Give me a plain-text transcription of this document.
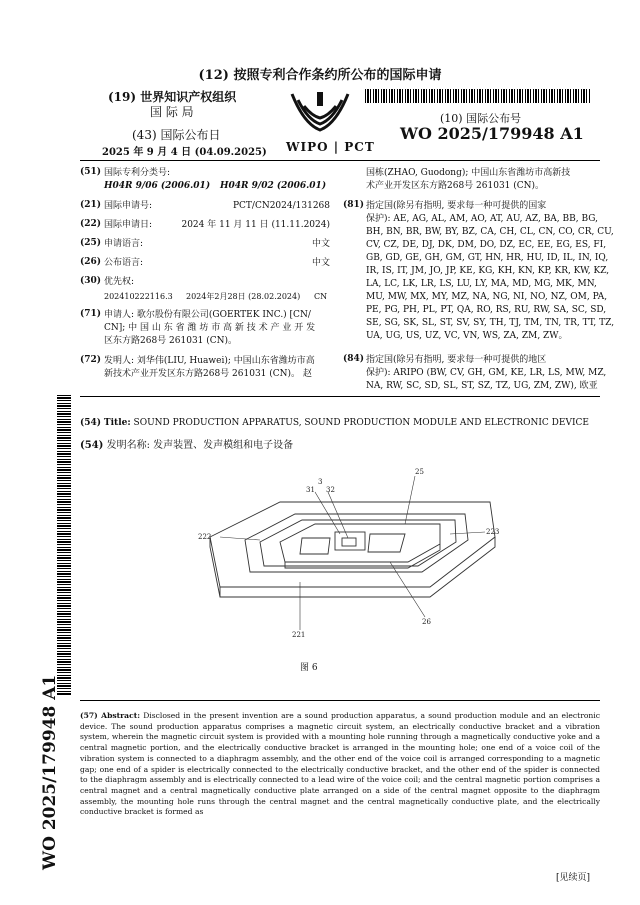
(12) 按照专利合作条约所公布的国际申请
(19) 世界知识产权组织
国 际 局
(43) 国际公布日
2025 年 9 月 4 日 (04.09.2025) WIPO | PCT
(10) 国际公布号
WO 2025/179948 A1
(51) 国际专利分类号:
H04R 9/06 (2006.01) H04R 9/02 (2006.01)
(21) 国际申请号:	PCT/CN2024/131268
(22) 国际申请日:	2024 年 11 月 11 日 (11.11.2024)
(25) 申请语言:	中文
(26) 公布语言:	中文
(30) 优先权:
202410222116.3 2024年2月28日 (28.02.2024) CN
(71) 申请人: 歌尔股份有限公司(GOERTEK INC.) [CN/
CN]; 中 国 山 东 省 潍 坊 市 高 新 技 术 产 业 开 发
区东方路268号 261031 (CN)。
(72) 发明人: 刘华伟(LIU, Huawei); 中国山东省潍坊市高
新技术产业开发区东方路268号 261031 (CN)。 赵
国栋(ZHAO, Guodong); 中国山东省潍坊市高新技
术产业开发区东方路268号 261031 (CN)。
(81) 指定国(除另有指明, 要求每一种可提供的国家
保护): AE, AG, AL, AM, AO, AT, AU, AZ, BA, BB, BG,
BH, BN, BR, BW, BY, BZ, CA, CH, CL, CN, CO, CR, CU,
CV, CZ, DE, DJ, DK, DM, DO, DZ, EC, EE, EG, ES, FI,
GB, GD, GE, GH, GM, GT, HN, HR, HU, ID, IL, IN, IQ,
IR, IS, IT, JM, JO, JP, KE, KG, KH, KN, KP, KR, KW, KZ,
LA, LC, LK, LR, LS, LU, LY, MA, MD, MG, MK, MN,
MU, MW, MX, MY, MZ, NA, NG, NI, NO, NZ, OM, PA,
PE, PG, PH, PL, PT, QA, RO, RS, RU, RW, SA, SC, SD,
SE, SG, SK, SL, ST, SV, SY, TH, TJ, TM, TN, TR, TT, TZ,
UA, UG, US, UZ, VC, VN, WS, ZA, ZM, ZW。
(84) 指定国(除另有指明, 要求每一种可提供的地区
保护): ARIPO (BW, CV, GH, GM, KE, LR, LS, MW, MZ,
NA, RW, SC, SD, SL, ST, SZ, TZ, UG, ZM, ZW), 欧亚
WO 2025/179948 A1
(54) Title: SOUND PRODUCTION APPARATUS, SOUND PRODUCTION MODULE AND ELECTRONIC DEVICE
(54) 发明名称: 发声装置、发声模组和电子设备
3
31 32
25
222
223
26
221
图 6
(57) Abstract: Disclosed in the present invention are a sound production apparatus, a sound production module and an electronic device. The sound production apparatus comprises a magnetic circuit system, an electrically conductive bracket and a vibration system, wherein the magnetic circuit system is provided with a mounting hole running through a magnetically conductive yoke and a central magnetic portion, and the electrically conductive bracket is arranged in the mounting hole; one end of a voice coil of the vibration system is connected to a diaphragm assembly, and the other end of the voice coil is arranged corresponding to a magnetic gap; one end of a spider is electrically connected to the electrically conductive bracket, and the other end of the spider is connected to the diaphragm assembly and is electrically connected to a lead wire of the voice coil; and the central magnetic portion comprises a central magnet and a central magnetically conductive plate arranged on a side of the central magnet opposite to the diaphragm assembly, the mounting hole runs through the central magnet and the central magnetically conductive plate, and the electrically conductive bracket is formed as
[见续页]
